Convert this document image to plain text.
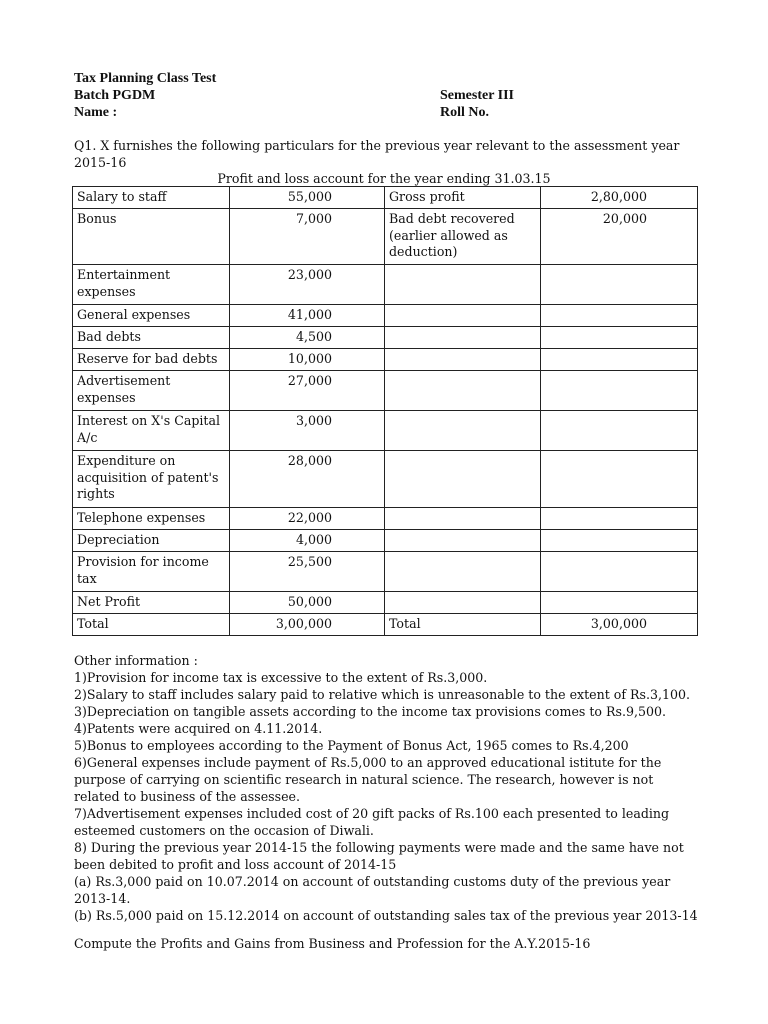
Tax Planning Class Test
Batch PGDM
Name :
Semester III
Roll No.
Q1. X furnishes the following particulars for the previous year relevant to the assessment year 2015-16
Profit and loss account for the year ending 31.03.15
Salary to staff	55,000	Gross profit	2,80,000
Bonus	7,000	Bad debt recovered (earlier allowed as deduction)	20,000
Entertainment expenses	23,000		
General expenses	41,000		
Bad debts	4,500		
Reserve for bad debts	10,000		
Advertisement expenses	27,000		
Interest on X's Capital A/c	3,000		
Expenditure on acquisition of patent's rights	28,000		
Telephone expenses	22,000		
Depreciation	4,000		
Provision for income tax	25,500		
Net Profit	50,000		
Total	3,00,000	Total	3,00,000
Other information :
1)Provision for income tax is excessive to the extent of Rs.3,000.
2)Salary to staff includes salary paid to relative which is unreasonable to the extent of Rs.3,100.
3)Depreciation on tangible assets according to the income tax provisions comes to Rs.9,500.
4)Patents were acquired on 4.11.2014.
5)Bonus to employees according to the Payment of Bonus Act, 1965 comes to Rs.4,200
6)General expenses include payment of Rs.5,000 to an approved educational istitute for the purpose of carrying on scientific research in natural science. The research, however is not related to business of the assessee.
7)Advertisement expenses included cost of 20 gift packs of Rs.100 each presented to leading esteemed customers on the occasion of Diwali.
8) During the previous year 2014-15 the following payments were made and the same have not been debited to profit and loss account of 2014-15
(a) Rs.3,000 paid on 10.07.2014 on account of outstanding customs duty of the previous year 2013-14.
(b) Rs.5,000 paid on 15.12.2014 on account of outstanding sales tax of the previous year 2013-14
Compute the Profits and Gains from Business and Profession for the A.Y.2015-16
